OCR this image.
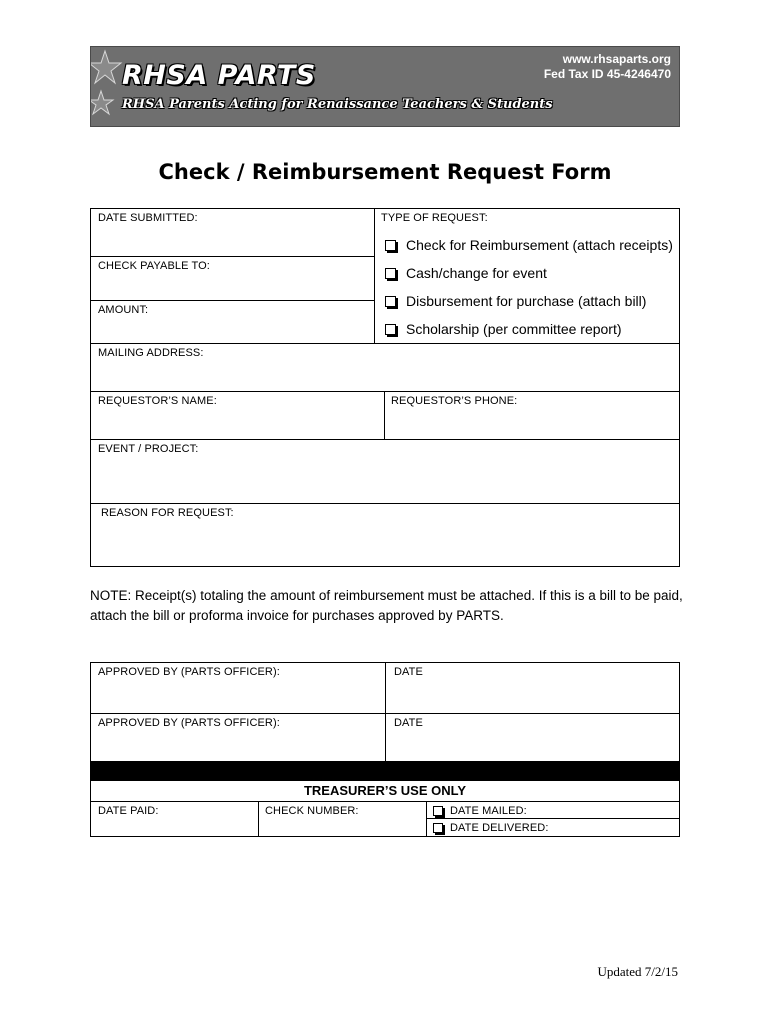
RHSA PARTS

RHSA Parents Acting for Renaissance Teachers & Students

www.rhsaparts.org
Fed Tax ID 45-4246470
Check / Reimbursement Request Form
DATE SUBMITTED:
CHECK PAYABLE TO:
AMOUNT:
TYPE OF REQUEST:
Check for Reimbursement (attach receipts)
Cash/change for event
Disbursement for purchase (attach bill)
Scholarship (per committee report)
MAILING ADDRESS:
REQUESTOR’S NAME:	REQUESTOR’S PHONE:
EVENT / PROJECT:
REASON FOR REQUEST:

NOTE: Receipt(s) totaling the amount of reimbursement must be attached. If this is a bill to be paid, attach the bill or proforma invoice for purchases approved by PARTS.

APPROVED BY (PARTS OFFICER):	DATE
APPROVED BY (PARTS OFFICER):	DATE

TREASURER’S USE ONLY

DATE PAID:	CHECK NUMBER:	DATE MAILED:
DATE DELIVERED:
Updated 7/2/15
